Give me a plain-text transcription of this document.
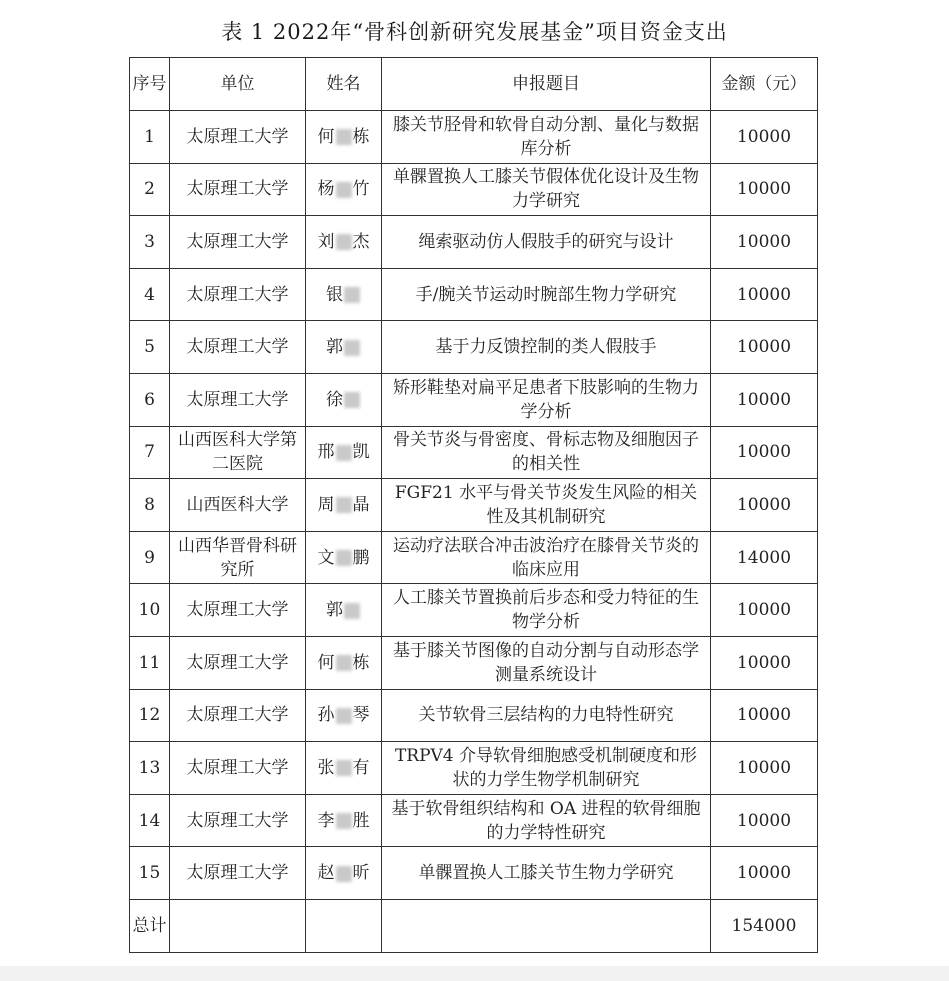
表 1 2022年“骨科创新研究发展基金”项目资金支出
序号	单位	姓名	申报题目	金额（元）
1	太原理工大学	何 栋	膝关节胫骨和软骨自动分割、量化与数据库分析	10000
2	太原理工大学	杨 竹	单髁置换人工膝关节假体优化设计及生物力学研究	10000
3	太原理工大学	刘 杰	绳索驱动仿人假肢手的研究与设计	10000
4	太原理工大学	银	手/腕关节运动时腕部生物力学研究	10000
5	太原理工大学	郭	基于力反馈控制的类人假肢手	10000
6	太原理工大学	徐	矫形鞋垫对扁平足患者下肢影响的生物力学分析	10000
7	山西医科大学第二医院	邢 凯	骨关节炎与骨密度、骨标志物及细胞因子的相关性	10000
8	山西医科大学	周 晶	FGF21 水平与骨关节炎发生风险的相关性及其机制研究	10000
9	山西华晋骨科研究所	文 鹏	运动疗法联合冲击波治疗在膝骨关节炎的临床应用	14000
10	太原理工大学	郭	人工膝关节置换前后步态和受力特征的生物学分析	10000
11	太原理工大学	何 栋	基于膝关节图像的自动分割与自动形态学测量系统设计	10000
12	太原理工大学	孙 琴	关节软骨三层结构的力电特性研究	10000
13	太原理工大学	张 有	TRPV4 介导软骨细胞感受机制硬度和形状的力学生物学机制研究	10000
14	太原理工大学	李 胜	基于软骨组织结构和 OA 进程的软骨细胞的力学特性研究	10000
15	太原理工大学	赵 昕	单髁置换人工膝关节生物力学研究	10000
总计				154000
